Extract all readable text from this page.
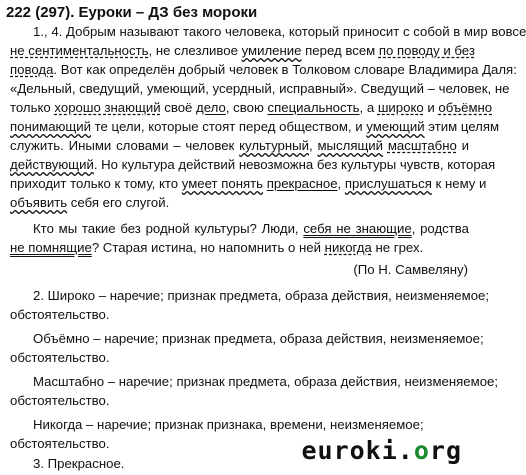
222 (297). Еуроки – ДЗ без мороки
1., 4. Добрым называют такого человека, который приносит с собой в мир вовсе
не сентиментальность, не слезливое умиление перед всем по поводу и без
повода. Вот как определён добрый человек в Толковом словаре Владимира Даля:
«Дельный, сведущий, умеющий, усердный, исправный». Сведущий – человек, не
только хорошо знающий своё дело, свою специальность, а широко и объёмно
понимающий те цели, которые стоят перед обществом, и умеющий этим целям
служить. Иными словами – человек культурный, мыслящий масштабно и
действующий. Но культура действий невозможна без культуры чувств, которая
приходит только к тому, кто умеет понять прекрасное, прислушаться к нему и
объявить себя его слугой.
Кто мы такие без родной культуры? Люди, себя не знающие, родства
не помнящие? Старая истина, но напомнить о ней никогда не грех.
(По Н. Самвеляну)
2. Широко – наречие; признак предмета, образа действия, неизменяемое;
обстоятельство.
Объёмно – наречие; признак предмета, образа действия, неизменяемое;
обстоятельство.
Масштабно – наречие; признак предмета, образа действия, неизменяемое;
обстоятельство.
Никогда – наречие; признак признака, времени, неизменяемое;
обстоятельство.
3. Прекрасное.	euroki.org
